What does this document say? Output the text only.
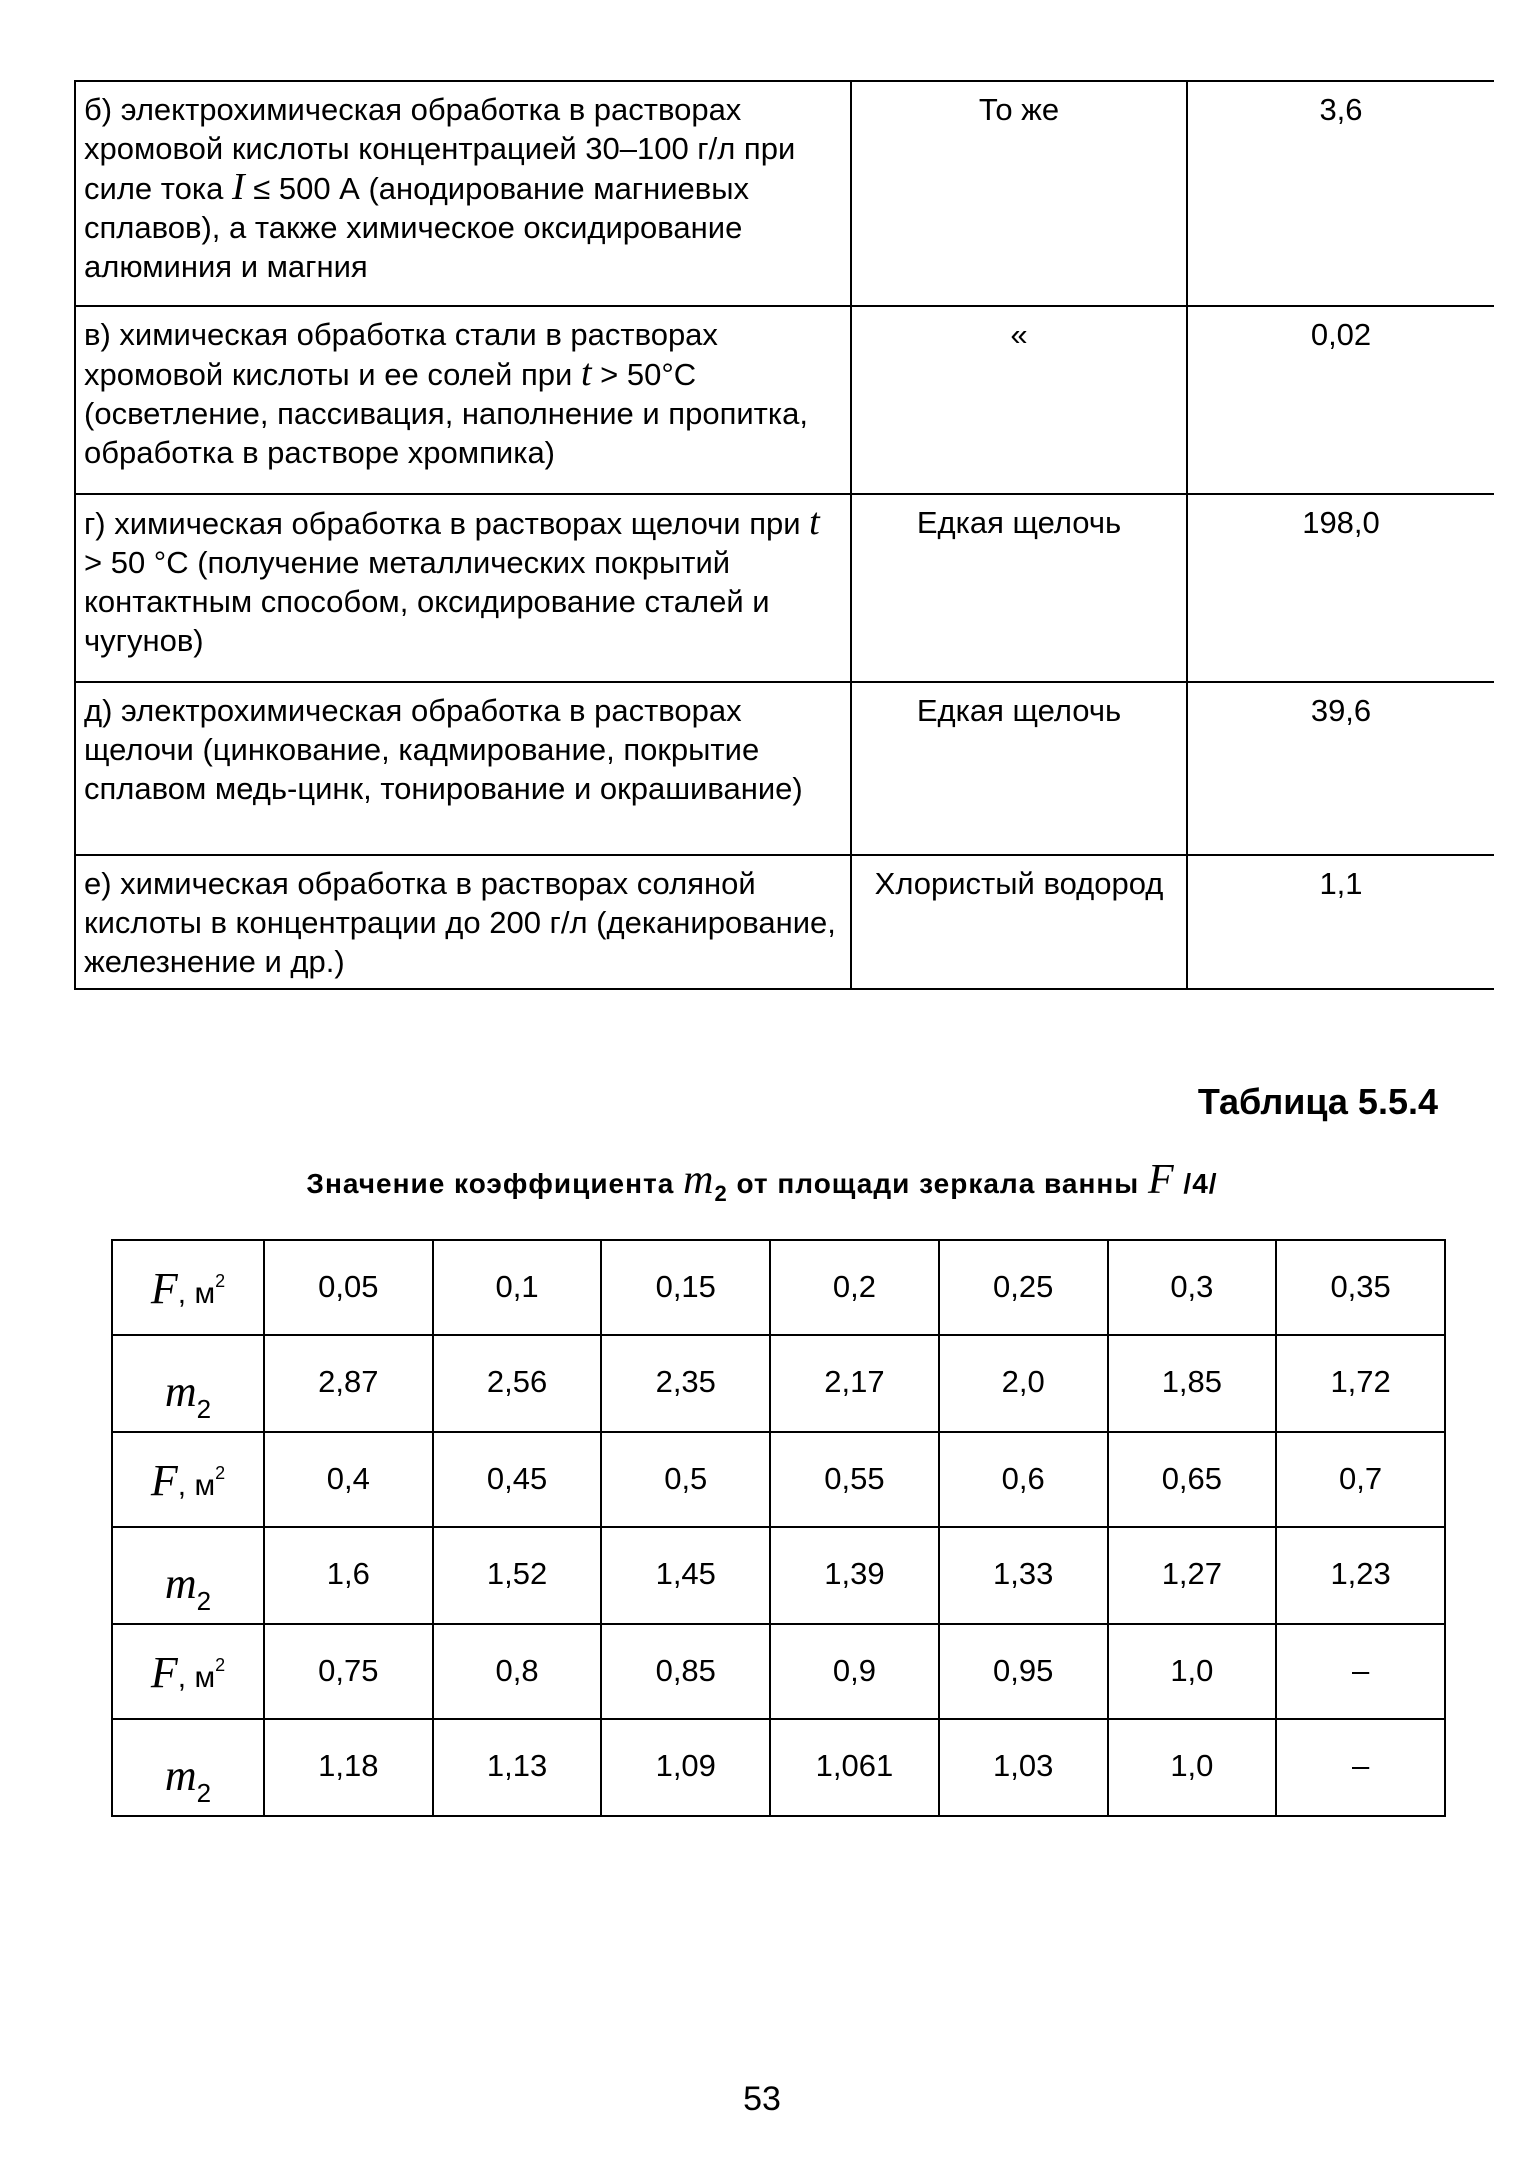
б) электрохимическая обработка в растворах хромовой кислоты концентрацией 30–100 г/л при силе тока I ≤ 500 А (анодирование магниевых сплавов), а также химическое оксидирование алюминия и магния	То же	3,6
в) химическая обработка стали в растворах хромовой кислоты и ее солей при t > 50°С (осветление, пассивация, наполнение и пропитка, обработка в растворе хромпика)	«	0,02
г) химическая обработка в растворах щелочи при t > 50 °С (получение металлических покрытий контактным способом, оксидирование сталей и чугунов)	Едкая щелочь	198,0
д) электрохимическая обработка в растворах щелочи (цинкование, кадмирование, покрытие сплавом медь-цинк, тонирование и окрашивание)	Едкая щелочь	39,6
е) химическая обработка в растворах соляной кислоты в концентрации до 200 г/л (деканирование, железнение и др.)	Хлористый водород	1,1
Таблица 5.5.4
Значение коэффициента $m_2$ от площади зеркала ванны F /4/
F, $м^2$	0,05	0,1	0,15	0,2	0,25	0,3	0,35
$m_2$	2,87	2,56	2,35	2,17	2,0	1,85	1,72
F, $м^2$	0,4	0,45	0,5	0,55	0,6	0,65	0,7
$m_2$	1,6	1,52	1,45	1,39	1,33	1,27	1,23
F, $м^2$	0,75	0,8	0,85	0,9	0,95	1,0	–
$m_2$	1,18	1,13	1,09	1,061	1,03	1,0	–
53
